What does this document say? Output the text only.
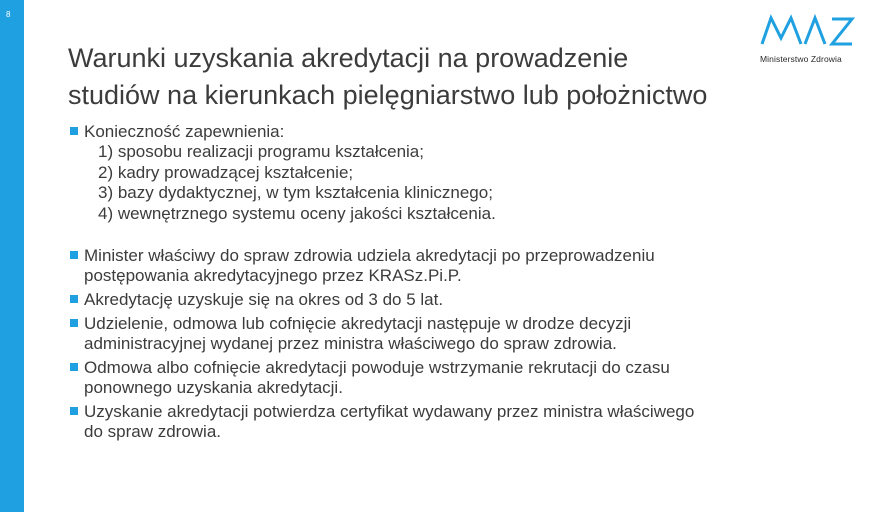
8
Ministerstwo Zdrowia
Warunki uzyskania akredytacji na prowadzenie
studiów na kierunkach pielęgniarstwo lub położnictwo
Konieczność zapewnienia:
1) sposobu realizacji programu kształcenia;
2) kadry prowadzącej kształcenie;
3) bazy dydaktycznej, w tym kształcenia klinicznego;
4) wewnętrznego systemu oceny jakości kształcenia.
Minister właściwy do spraw zdrowia udziela akredytacji po przeprowadzeniu
postępowania akredytacyjnego przez KRASz.Pi.P.
Akredytację uzyskuje się na okres od 3 do 5 lat.
Udzielenie, odmowa lub cofnięcie akredytacji następuje w drodze decyzji
administracyjnej wydanej przez ministra właściwego do spraw zdrowia.
Odmowa albo cofnięcie akredytacji powoduje wstrzymanie rekrutacji do czasu
ponownego uzyskania akredytacji.
Uzyskanie akredytacji potwierdza certyfikat wydawany przez ministra właściwego
do spraw zdrowia.
